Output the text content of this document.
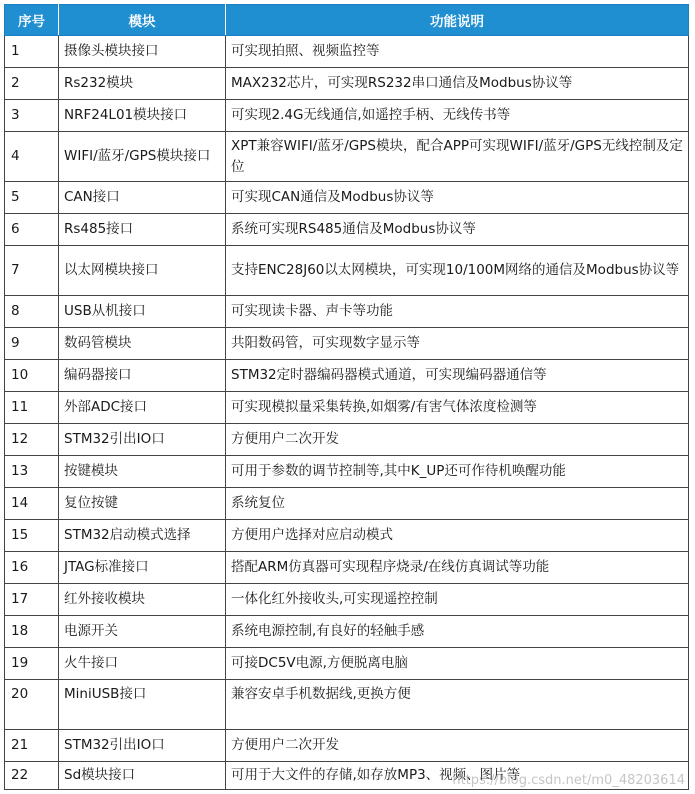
序号	模块	功能说明
1	摄像头模块接口	可实现拍照、视频监控等
2	Rs232模块	MAX232芯片，可实现RS232串口通信及Modbus协议等
3	NRF24L01模块接口	可实现2.4G无线通信,如遥控手柄、无线传书等
4	WIFI/蓝牙/GPS模块接口	XPT兼容WIFI/蓝牙/GPS模块，配合APP可实现WIFI/蓝牙/GPS无线控制及定位
5	CAN接口	可实现CAN通信及Modbus协议等
6	Rs485接口	系统可实现RS485通信及Modbus协议等
7	以太网模块接口	支持ENC28J60以太网模块，可实现10/100M网络的通信及Modbus协议等
8	USB从机接口	可实现读卡器、声卡等功能
9	数码管模块	共阳数码管，可实现数字显示等
10	编码器接口	STM32定时器编码器模式通道，可实现编码器通信等
11	外部ADC接口	可实现模拟量采集转换,如烟雾/有害气体浓度检测等
12	STM32引出IO口	方便用户二次开发
13	按键模块	可用于参数的调节控制等,其中K_UP还可作待机唤醒功能
14	复位按键	系统复位
15	STM32启动模式选择	方便用户选择对应启动模式
16	JTAG标准接口	搭配ARM仿真器可实现程序烧录/在线仿真调试等功能
17	红外接收模块	一体化红外接收头,可实现遥控控制
18	电源开关	系统电源控制,有良好的轻触手感
19	火牛接口	可接DC5V电源,方便脱离电脑
20	MiniUSB接口	兼容安卓手机数据线,更换方便
21	STM32引出IO口	方便用户二次开发
22	Sd模块接口	可用于大文件的存储,如存放MP3、视频、图片等
https://blog.csdn.net/m0_48203614
